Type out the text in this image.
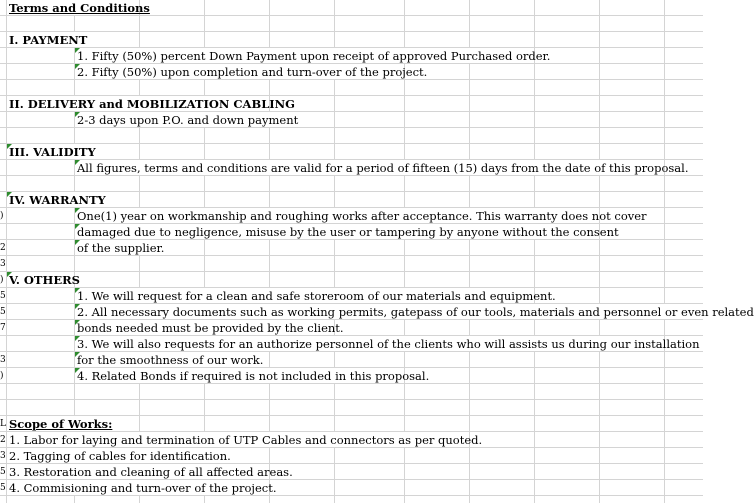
)
2
3
)
5
5
7
3
)
L
2
3
5
5
Terms and Conditions
I. PAYMENT
1. Fifty (50%) percent Down Payment upon receipt of approved Purchased order.
2. Fifty (50%) upon completion and turn-over of the project.
II. DELIVERY and MOBILIZATION CABLING
2-3 days upon P.O. and down payment
III. VALIDITY
All figures, terms and conditions are valid for a period of fifteen (15) days from the date of this proposal.
IV. WARRANTY
One(1) year on workmanship and roughing works after acceptance. This warranty does not cover
damaged due to negligence, misuse by the user or tampering by anyone without the consent
of the supplier.
V. OTHERS
1. We will request for a clean and safe storeroom of our materials and equipment.
2. All necessary documents such as working permits, gatepass of our tools, materials and personnel or even related
bonds needed must be provided by the client.
3. We will also requests for an authorize personnel of the clients who will assists us during our installation
for the smoothness of our work.
4. Related Bonds if required is not included in this proposal.
Scope of Works:
1. Labor for laying and termination of UTP Cables and connectors as per quoted.
2. Tagging of cables for identification.
3. Restoration and cleaning of all affected areas.
4. Commisioning and turn-over of the project.
